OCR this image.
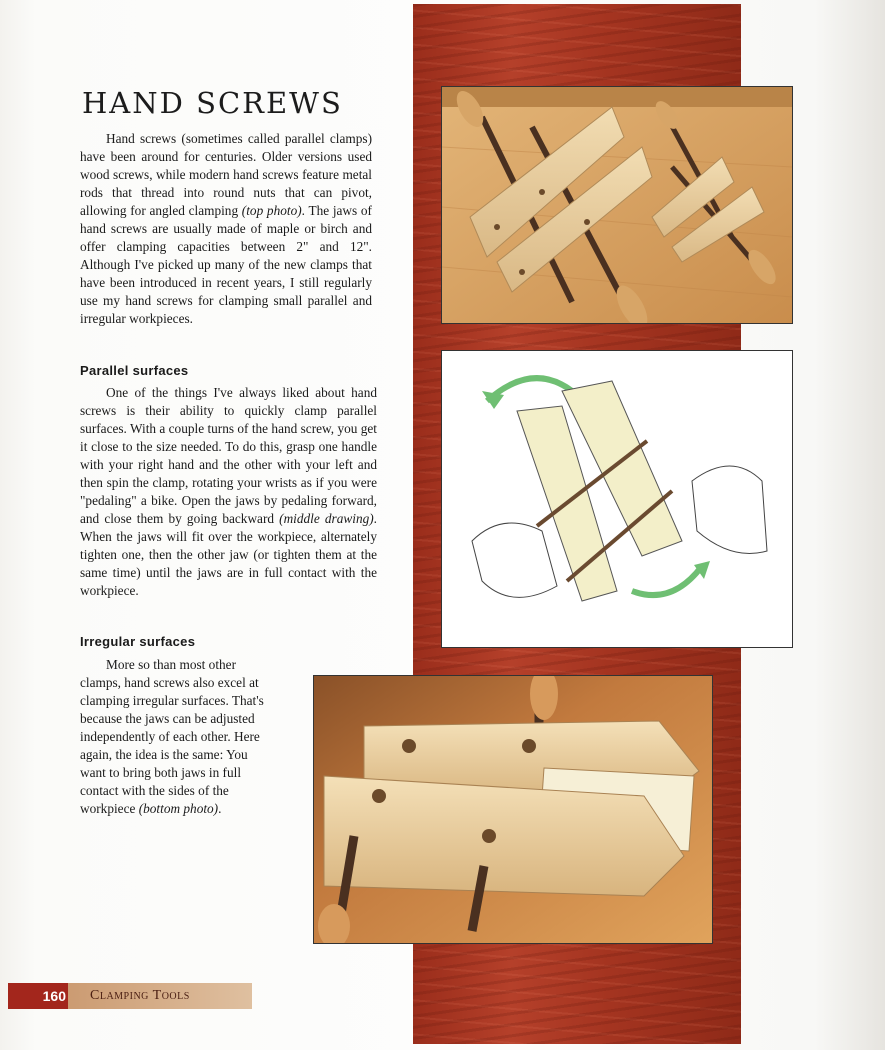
HAND SCREWS

Hand screws (sometimes called parallel clamps) have been around for centuries. Older versions used wood screws, while modern hand screws feature metal rods that thread into round nuts that can pivot, allowing for angled clamping (top photo). The jaws of hand screws are usually made of maple or birch and offer clamping capacities between 2" and 12". Although I've picked up many of the new clamps that have been introduced in recent years, I still regularly use my hand screws for clamping small parallel and irregular workpieces.

Parallel surfaces

One of the things I've always liked about hand screws is their ability to quickly clamp parallel surfaces. With a couple turns of the hand screw, you get it close to the size needed. To do this, grasp one handle with your right hand and the other with your left and then spin the clamp, rotating your wrists as if you were "pedaling" a bike. Open the jaws by pedaling forward, and close them by going backward (middle drawing). When the jaws will fit over the workpiece, alternately tighten one, then the other jaw (or tighten them at the same time) until the jaws are in full contact with the workpiece.

Irregular surfaces

More so than most other clamps, hand screws also excel at clamping irregular surfaces. That's because the jaws can be adjusted independently of each other. Here again, the idea is the same: You want to bring both jaws in full contact with the sides of the workpiece (bottom photo).

160 Clamping Tools
